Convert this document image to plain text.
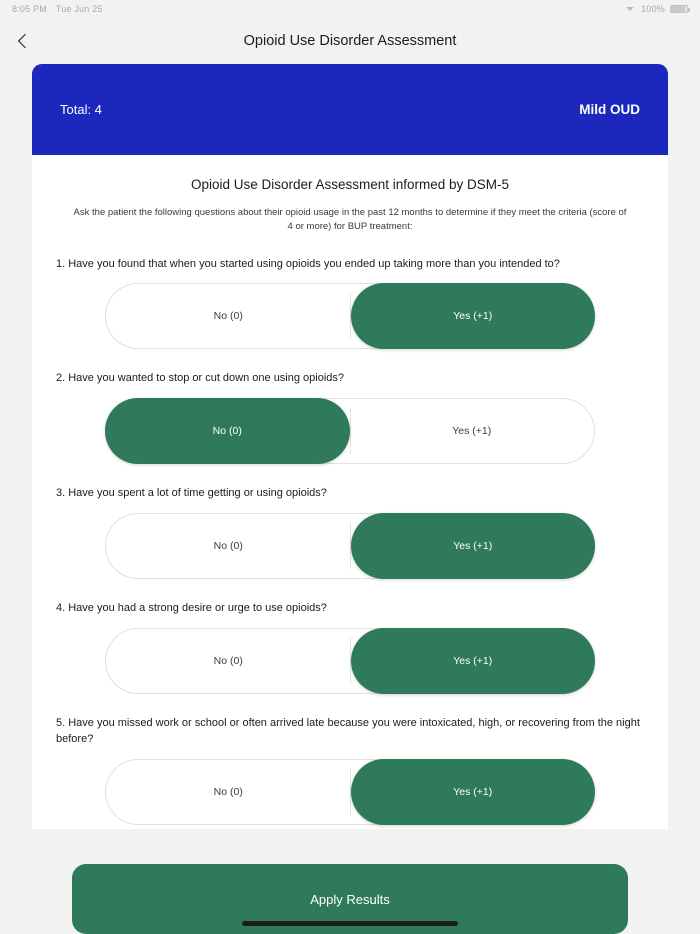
8:05 PM Tue Jun 25	100%
Opioid Use Disorder Assessment
Total: 4	Mild OUD
Opioid Use Disorder Assessment informed by DSM-5
Ask the patient the following questions about their opioid usage in the past 12 months to determine if they meet the criteria (score of 4 or more) for BUP treatment:
1. Have you found that when you started using opioids you ended up taking more than you intended to?
No (0)	Yes (+1)
2. Have you wanted to stop or cut down one using opioids?
No (0)	Yes (+1)
3. Have you spent a lot of time getting or using opioids?
No (0)	Yes (+1)
4. Have you had a strong desire or urge to use opioids?
No (0)	Yes (+1)
5. Have you missed work or school or often arrived late because you were intoxicated, high, or recovering from the night before?
No (0)	Yes (+1)
Apply Results
